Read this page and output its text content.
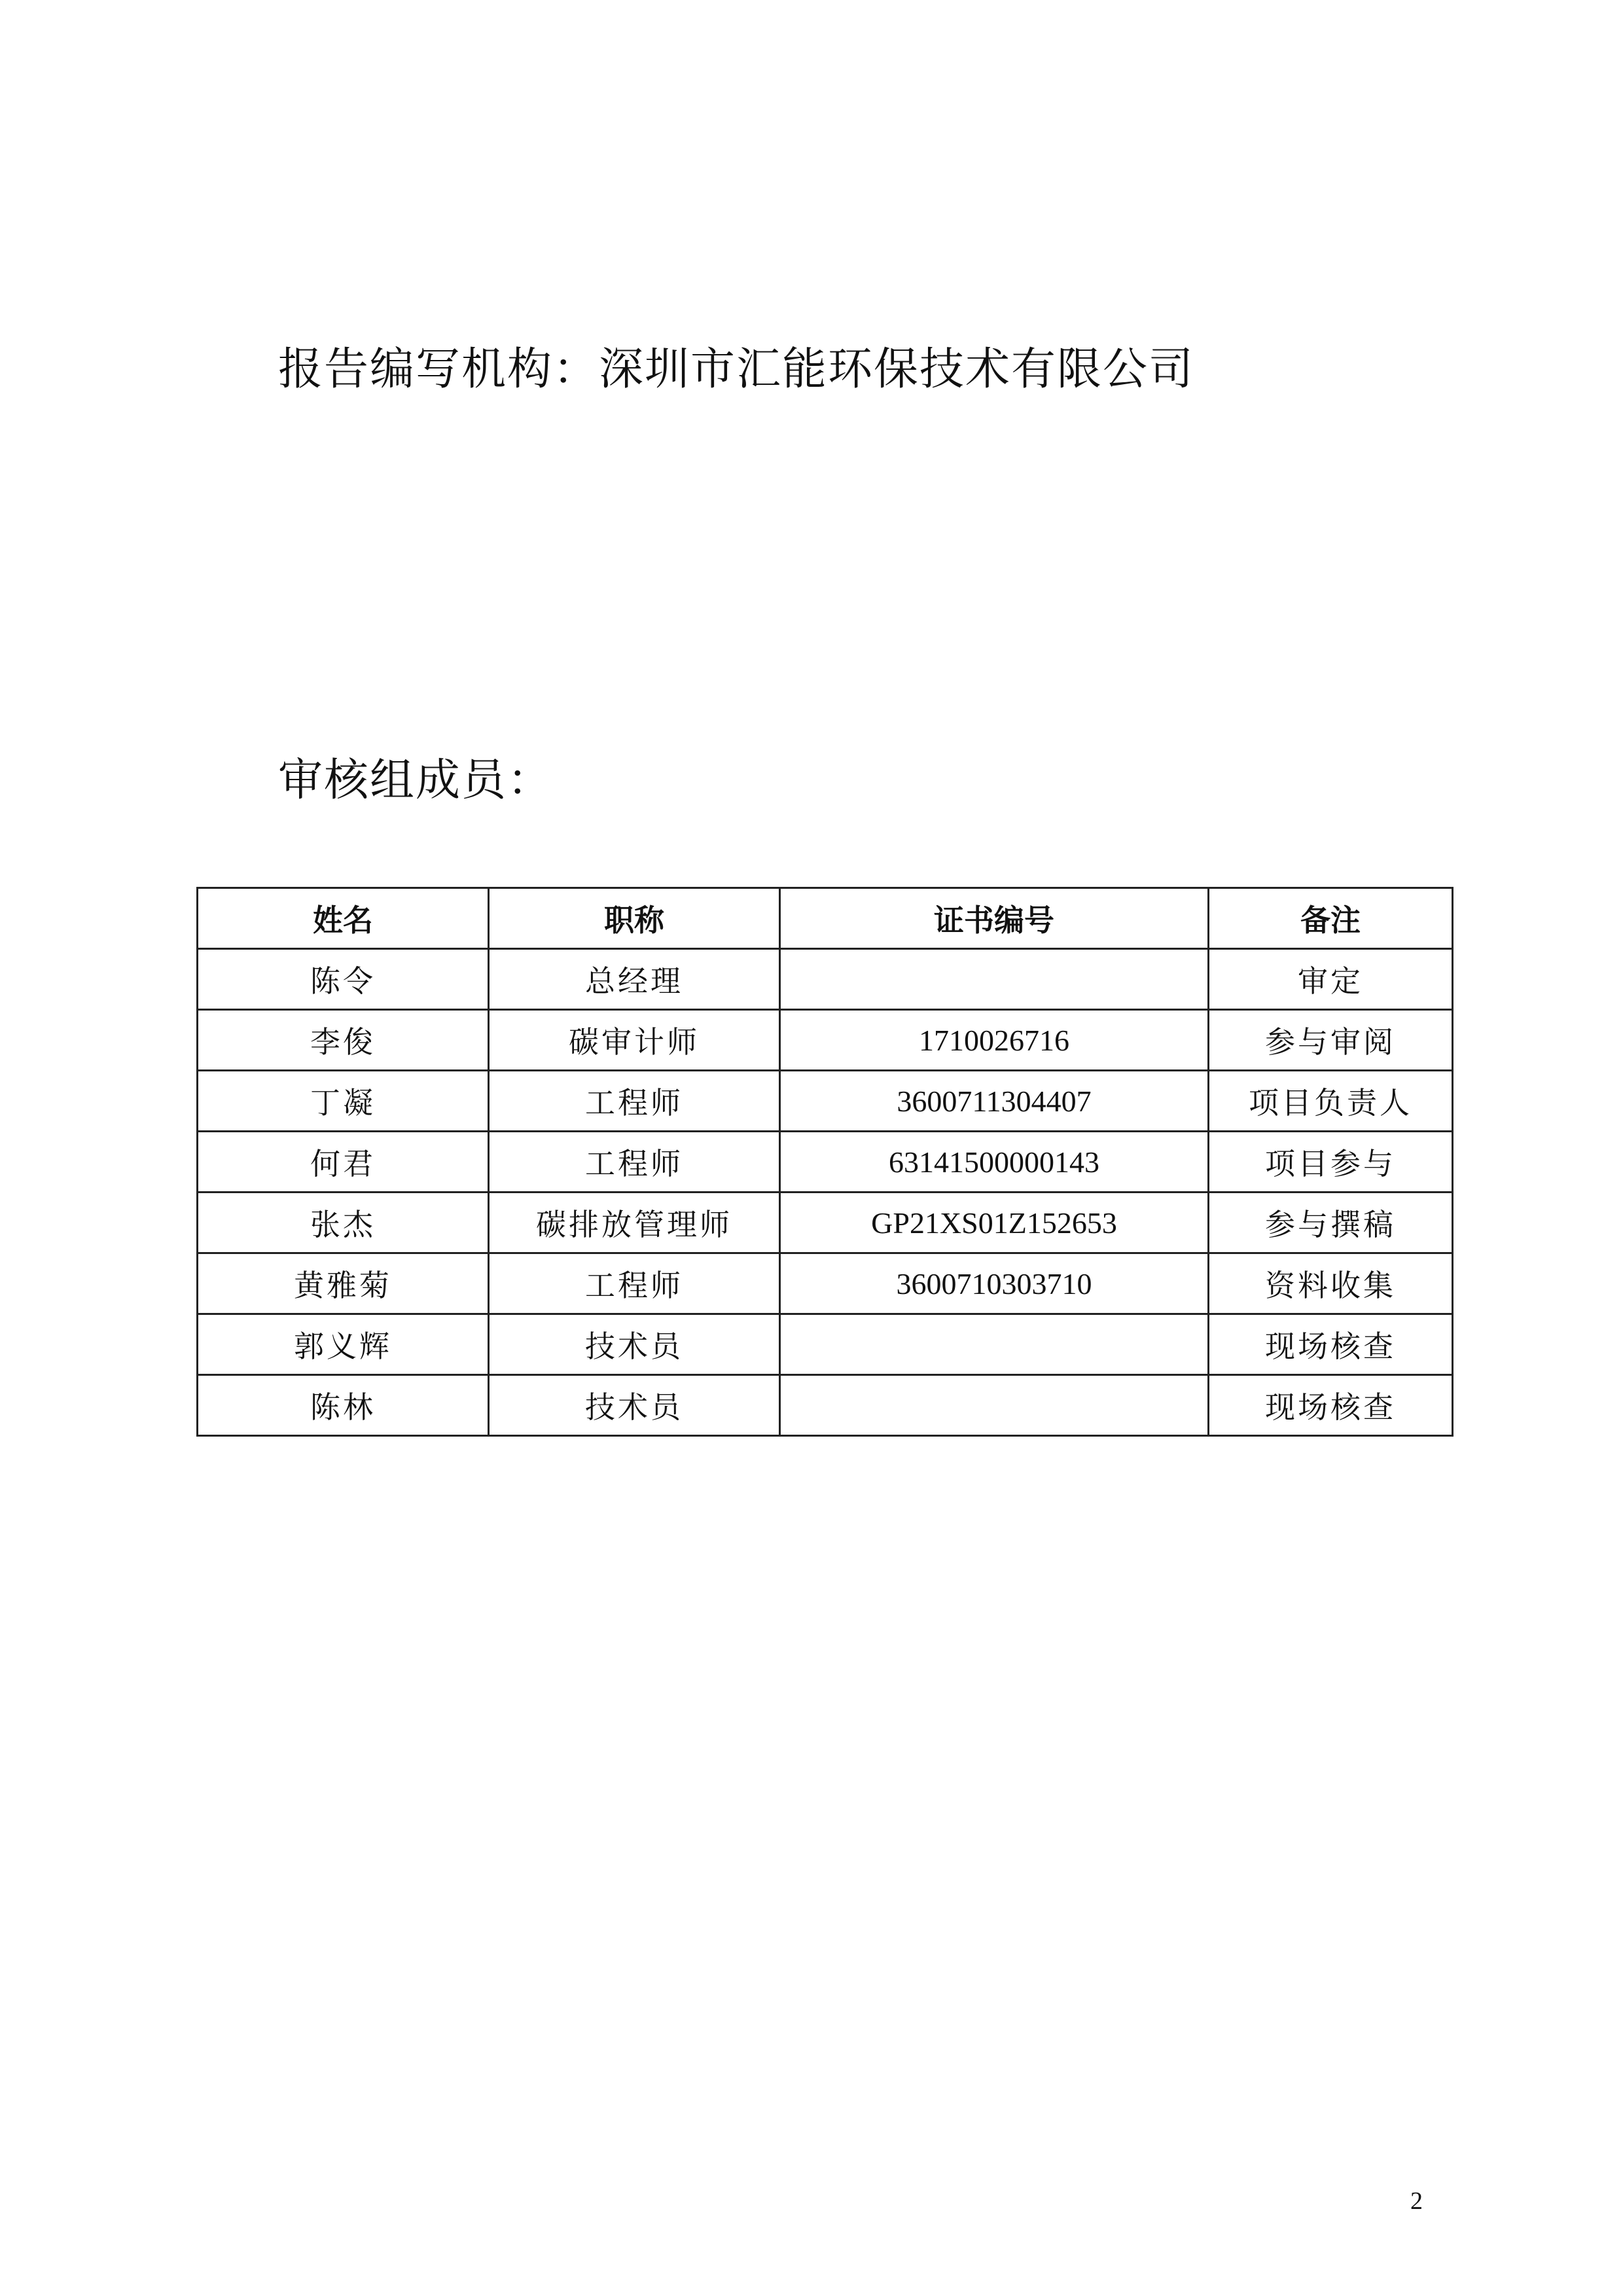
报告编写机构：深圳市汇能环保技术有限公司
审核组成员：
姓名	职称	证书编号	备注
陈令	总经理		审定
李俊	碳审计师	1710026716	参与审阅
丁凝	工程师	3600711304407	项目负责人
何君	工程师	63141500000143	项目参与
张杰	碳排放管理师	GP21XS01Z152653	参与撰稿
黄雅菊	工程师	3600710303710	资料收集
郭义辉	技术员		现场核查
陈林	技术员		现场核查
2
